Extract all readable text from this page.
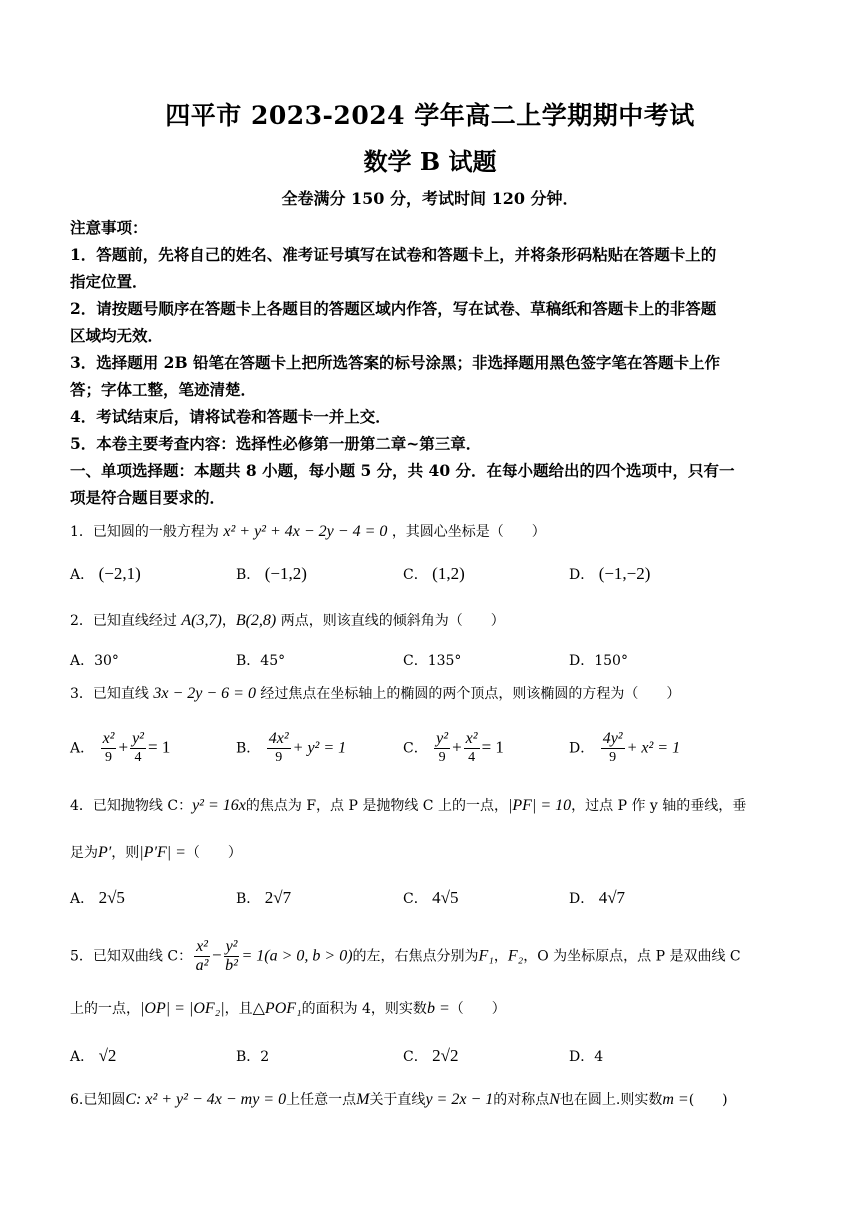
四平市 2023-2024 学年高二上学期期中考试
数学 B 试题
全卷满分 150 分，考试时间 120 分钟．
注意事项：
1．答题前，先将自己的姓名、准考证号填写在试卷和答题卡上，并将条形码粘贴在答题卡上的
指定位置．
2．请按题号顺序在答题卡上各题目的答题区域内作答，写在试卷、草稿纸和答题卡上的非答题
区域均无效．
3．选择题用 2B 铅笔在答题卡上把所选答案的标号涂黑；非选择题用黑色签字笔在答题卡上作
答；字体工整，笔迹清楚．
4．考试结束后，请将试卷和答题卡一并上交．
5．本卷主要考查内容：选择性必修第一册第二章~第三章．
一、单项选择题：本题共 8 小题，每小题 5 分，共 40 分．在每小题给出的四个选项中，只有一
项是符合题目要求的．
1．已知圆的一般方程为 x² + y² + 4x − 2y − 4 = 0 ，其圆心坐标是（　　）
A． (−2,1)	B． (−1,2)	C． (1,2)	D． (−1,−2)
2．已知直线经过 A(3,7)，B(2,8) 两点，则该直线的倾斜角为（　　）
A．30°	B．45°	C．135°	D．150°
3．已知直线 3x − 2y − 6 = 0 经过焦点在坐标轴上的椭圆的两个顶点，则该椭圆的方程为（　　）
A． $\frac{\text{x²}}{9} + \frac{\text{y²}}{4} = 1$	B． $\frac{\text{4x²}}{9} + y^2 = 1$	C． $\frac{\text{y²}}{9} + \frac{\text{x²}}{4} = 1$	D． $\frac{\text{4y²}}{9} + x^2 = 1$
4．已知抛物线 C：y² = 16x的焦点为 F，点 P 是抛物线 C 上的一点，|PF| = 10，过点 P 作 y 轴的垂线，垂
足为P′，则|P′F| =（　　）
A． 2√5	B． 2√7	C． 4√5	D． 4√7
5．已知双曲线 C： $\frac{\text{x²}}{\text{a²}} - \frac{\text{y²}}{\text{b²}} = 1(a > 0$, b > 0)的左，右焦点分别为F₁，F₂，O 为坐标原点，点 P 是双曲线 C
上的一点，|OP| = |OF₂|，且△POF₁的面积为 4，则实数b =（　　）
A． √2	B．2	C． 2√2	D．4
6.已知圆C: x² + y² − 4x − my = 0上任意一点M关于直线y = 2x − 1的对称点N也在圆上.则实数m =(　　)
